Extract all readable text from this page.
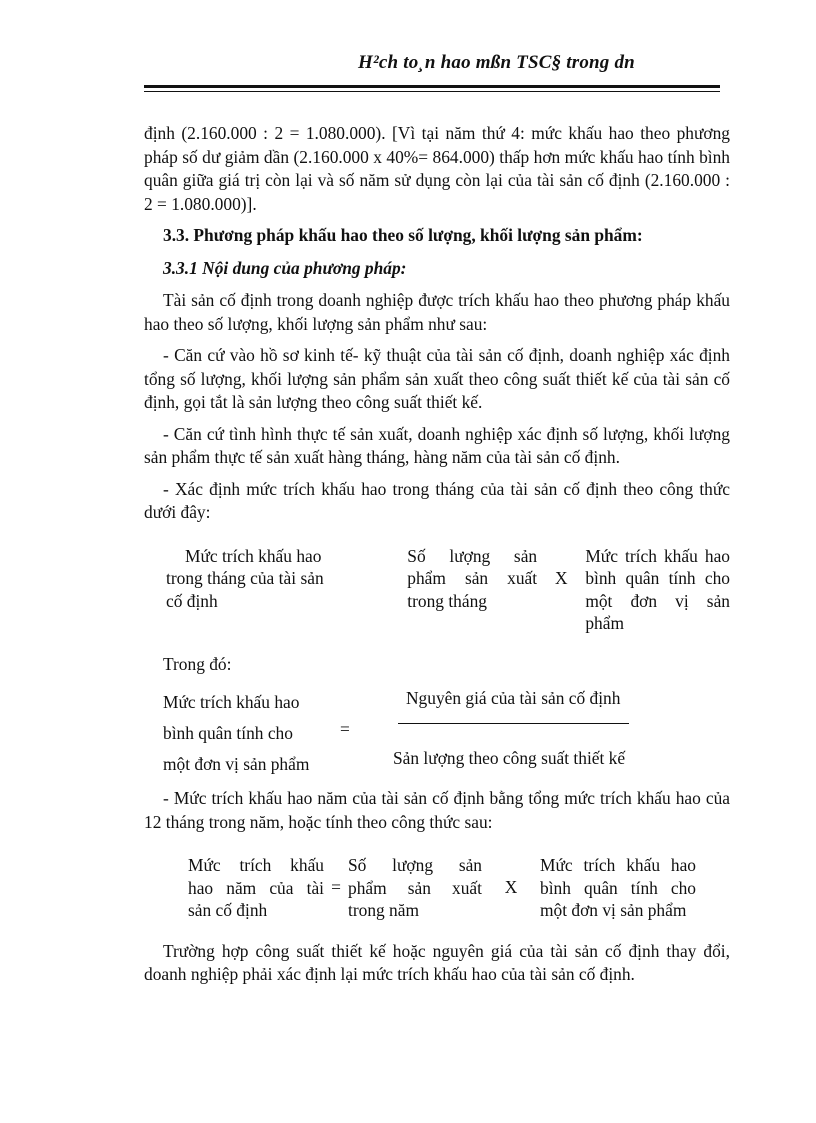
H²ch to¸n hao mßn TSC§ trong dn

định (2.160.000 : 2 = 1.080.000). [Vì tại năm thứ 4: mức khấu hao theo phương pháp số dư giảm dần (2.160.000 x 40%= 864.000) thấp hơn mức khấu hao tính bình quân giữa giá trị còn lại và số năm sử dụng còn lại của tài sản cố định (2.160.000 : 2 = 1.080.000)].

3.3. Phương pháp khấu hao theo số lượng, khối lượng sản phẩm:
3.3.1 Nội dung của phương pháp:

Tài sản cố định trong doanh nghiệp được trích khấu hao theo phương pháp khấu hao theo số lượng, khối lượng sản phẩm như sau:

- Căn cứ vào hồ sơ kinh tế- kỹ thuật của tài sản cố định, doanh nghiệp xác định tổng số lượng, khối lượng sản phẩm sản xuất theo công suất thiết kế của tài sản cố định, gọi tắt là sản lượng theo công suất thiết kế.

- Căn cứ tình hình thực tế sản xuất, doanh nghiệp xác định số lượng, khối lượng sản phẩm thực tế sản xuất hàng tháng, hàng năm của tài sản cố định.

- Xác định mức trích khấu hao trong tháng của tài sản cố định theo công thức dưới đây:

Mức trích khấu hao
trong tháng của tài sản cố định
Số lượng sản phẩm sản xuất trong tháng
X
Mức trích khấu hao bình quân tính cho một đơn vị sản phẩm
Trong đó:
Mức trích khấu hao
bình quân tính cho
một đơn vị sản phẩm
=
Nguyên giá của tài sản cố định
Sản lượng theo công suất thiết kế

- Mức trích khấu hao năm của tài sản cố định bằng tổng mức trích khấu hao của 12 tháng trong năm, hoặc tính theo công thức sau:

Mức trích khấu hao năm của tài sản cố định
=
Số lượng sản phẩm sản xuất trong năm
X
Mức trích khấu hao bình quân tính cho một đơn vị sản phẩm

Trường hợp công suất thiết kế hoặc nguyên giá của tài sản cố định thay đổi, doanh nghiệp phải xác định lại mức trích khấu hao của tài sản cố định.
